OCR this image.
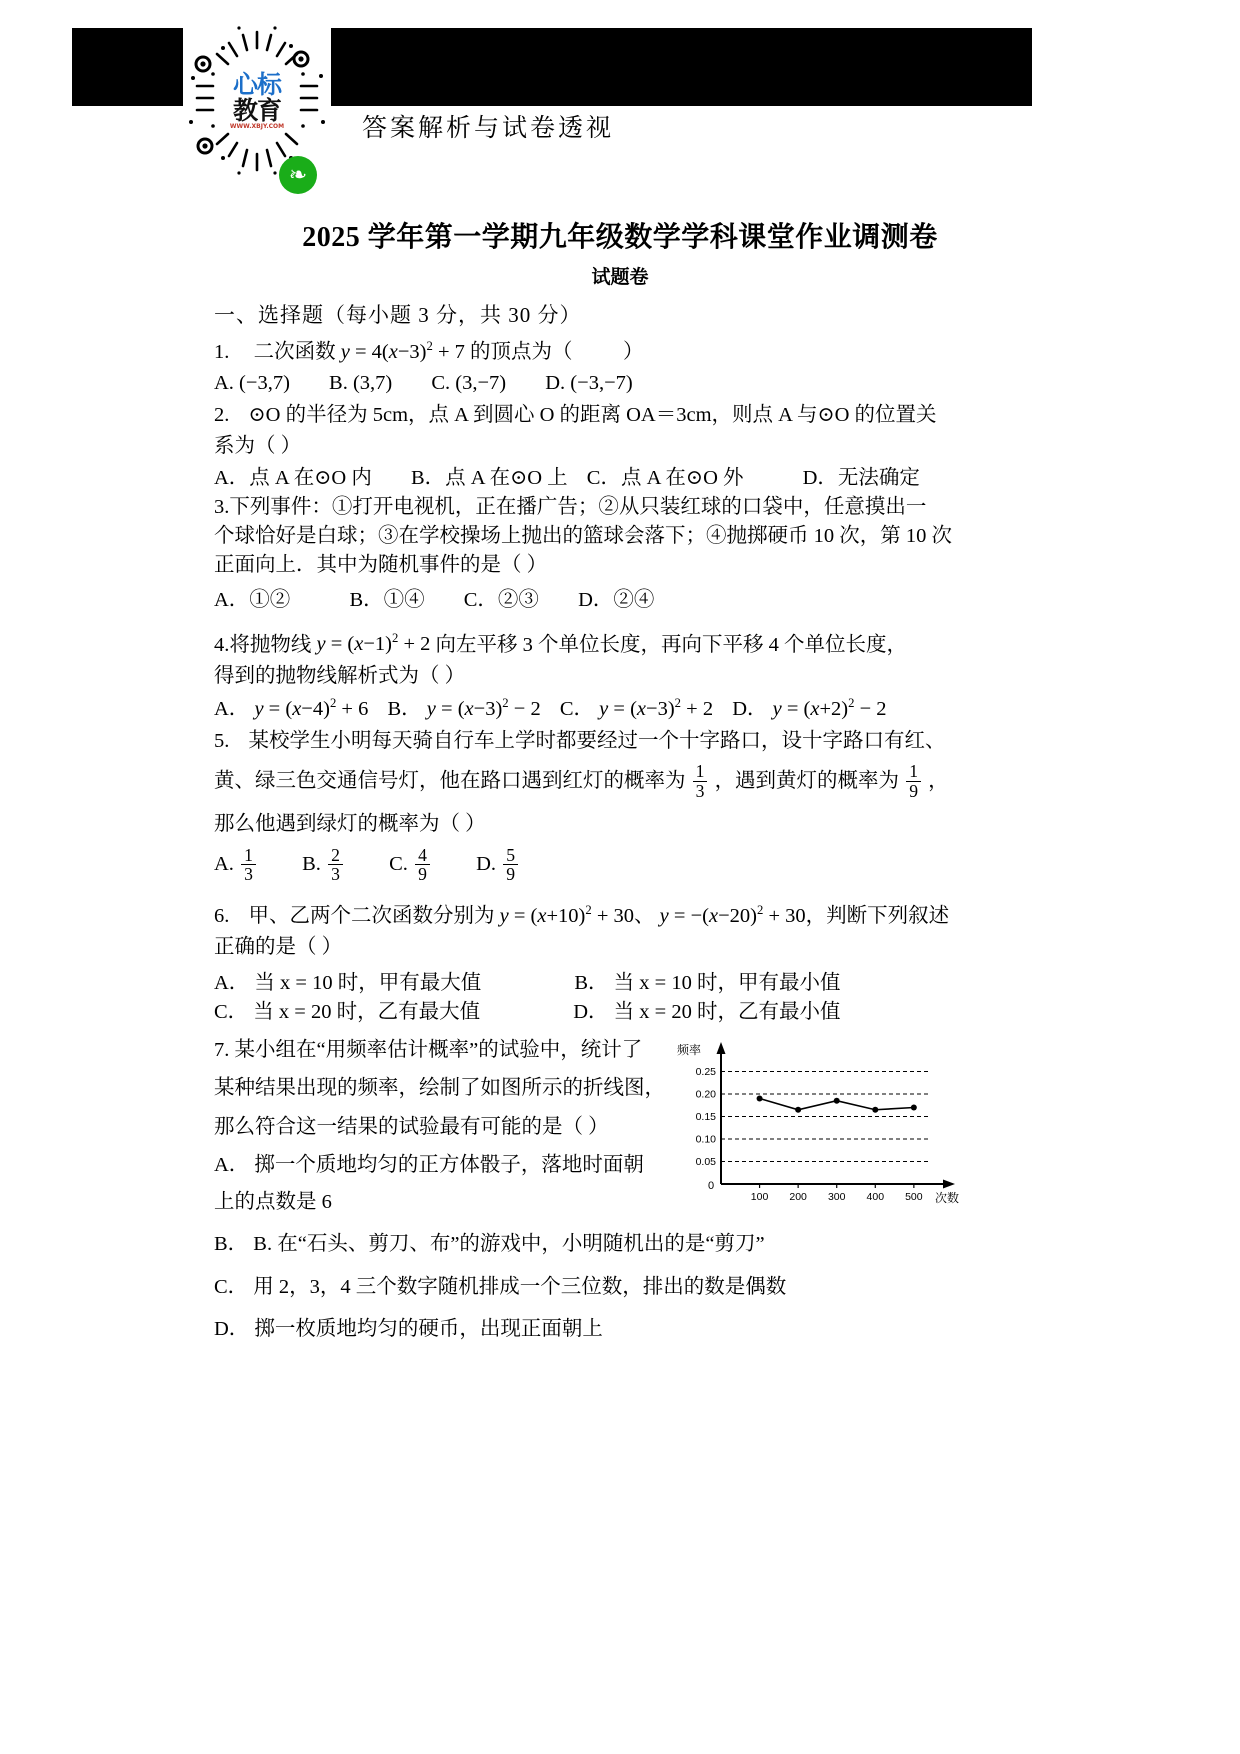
心标
教育
WWW.XBJY.COM
❧
答案解析与试卷透视
2025 学年第一学期九年级数学学科课堂作业调测卷
试题卷
一、选择题（每小题 3 分，共 30 分）
1. 二次函数 $y = 4(x-3)^2 + 7$ 的顶点为（ ）
A. (−3,7) B. (3,7) C. (3,−7) D. (−3,−7)
2. ⊙O 的半径为 5cm，点 A 到圆心 O 的距离 OA＝3cm，则点 A 与⊙O 的位置关
系为（ ）
A．点 A 在⊙O 内 B．点 A 在⊙O 上 C．点 A 在⊙O 外	D．无法确定
3.下列事件：①打开电视机，正在播广告；②从只装红球的口袋中，任意摸出一
个球恰好是白球；③在学校操场上抛出的篮球会落下；④抛掷硬币 10 次，第 10 次
正面向上．其中为随机事件的是（ ）
A．①②	B．①④ C．②③ D．②④
4.将抛物线 $y = (x-1)^2 + 2$ 向左平移 3 个单位长度，再向下平移 4 个单位长度，
得到的抛物线解析式为（ ）
A． $y = (x-4)^2 + 6$ B． $y = (x-3)^2 - 2$ C． $y = (x-3)^2 + 2$ D． $y = (x+2)^2 - 2$
5. 某校学生小明每天骑自行车上学时都要经过一个十字路口，设十字路口有红、
黄、绿三色交通信号灯，他在路口遇到红灯的概率为 $\frac{1}{3}$ ，遇到黄灯的概率为 $\frac{1}{9}$ ，
那么他遇到绿灯的概率为（ ）
A. $\frac{1}{3} B$. $\frac{2}{3} C$. $\frac{4}{9} D$. $\frac{5}{9}$
6. 甲、乙两个二次函数分别为 $y = (x+10)^2 + 30$、 $y = -(x-20)^2 + 30$，判断下列叙述
正确的是（ ）
A． 当 x = 10 时，甲有最大值	B． 当 x = 10 时，甲有最小值
C． 当 x = 20 时，乙有最大值	D． 当 x = 20 时，乙有最小值
频率
次数
0.05
0.10
0.15
0.20
0.25
0
100 200 300 400 500

7. 某小组在“用频率估计概率”的试验中，统计了

某种结果出现的频率，绘制了如图所示的折线图，

那么符合这一结果的试验最有可能的是（ ）

A． 掷一个质地均匀的正方体骰子，落地时面朝

上的点数是 6

B． B. 在“石头、剪刀、布”的游戏中，小明随机出的是“剪刀”

C． 用 2，3，4 三个数字随机排成一个三位数，排出的数是偶数

D． 掷一枚质地均匀的硬币，出现正面朝上
